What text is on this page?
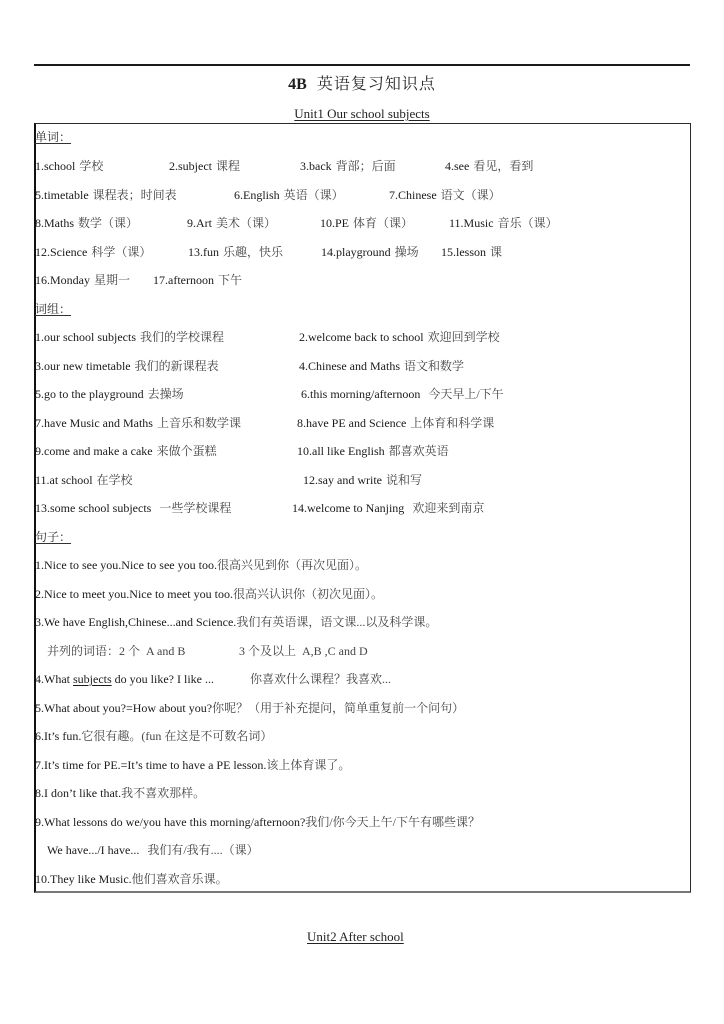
4B 英语复习知识点
Unit1 Our school subjects
单词：
1.school 学校	2.subject 课程	3.back 背部；后面	4.see 看见，看到
5.timetable 课程表；时间表	6.English 英语（课）	7.Chinese 语文（课）
8.Maths 数学（课）	9.Art 美术（课）	10.PE 体育（课）	11.Music 音乐（课）
12.Science 科学（课）	13.fun 乐趣，快乐	14.playground 操场 15.lesson 课
16.Monday 星期一 17.afternoon 下午
词组：
1.our school subjects 我们的学校课程	2.welcome back to school 欢迎回到学校
3.our new timetable 我们的新课程表	4.Chinese and Maths 语文和数学
5.go to the playground 去操场	6.this morning/afternoon 今天早上/下午
7.have Music and Maths 上音乐和数学课	8.have PE and Science 上体育和科学课
9.come and make a cake 来做个蛋糕	10.all like English 都喜欢英语
11.at school 在学校	12.say and write 说和写
13.some school subjects 一些学校课程	14.welcome to Nanjing 欢迎来到南京
句子：
1.Nice to see you.Nice to see you too.很高兴见到你（再次见面）。
2.Nice to meet you.Nice to meet you too.很高兴认识你（初次见面）。
3.We have English,Chinese...and Science.我们有英语课，语文课...以及科学课。
并列的词语：2 个  A and B	3 个及以上  A,B ,C and D
4.What subjects do you like? I like ...	你喜欢什么课程？我喜欢...
5.What about you?=How about you?你呢？（用于补充提问，简单重复前一个问句）
6.It’s fun.它很有趣。(fun 在这是不可数名词）
7.It’s time for PE.=It’s time to have a PE lesson.该上体育课了。
8.I don’t like that.我不喜欢那样。
9.What lessons do we/you have this morning/afternoon?我们/你今天上午/下午有哪些课？
We have.../I have... 我们有/我有....（课）
10.They like Music.他们喜欢音乐课。
Unit2 After school
